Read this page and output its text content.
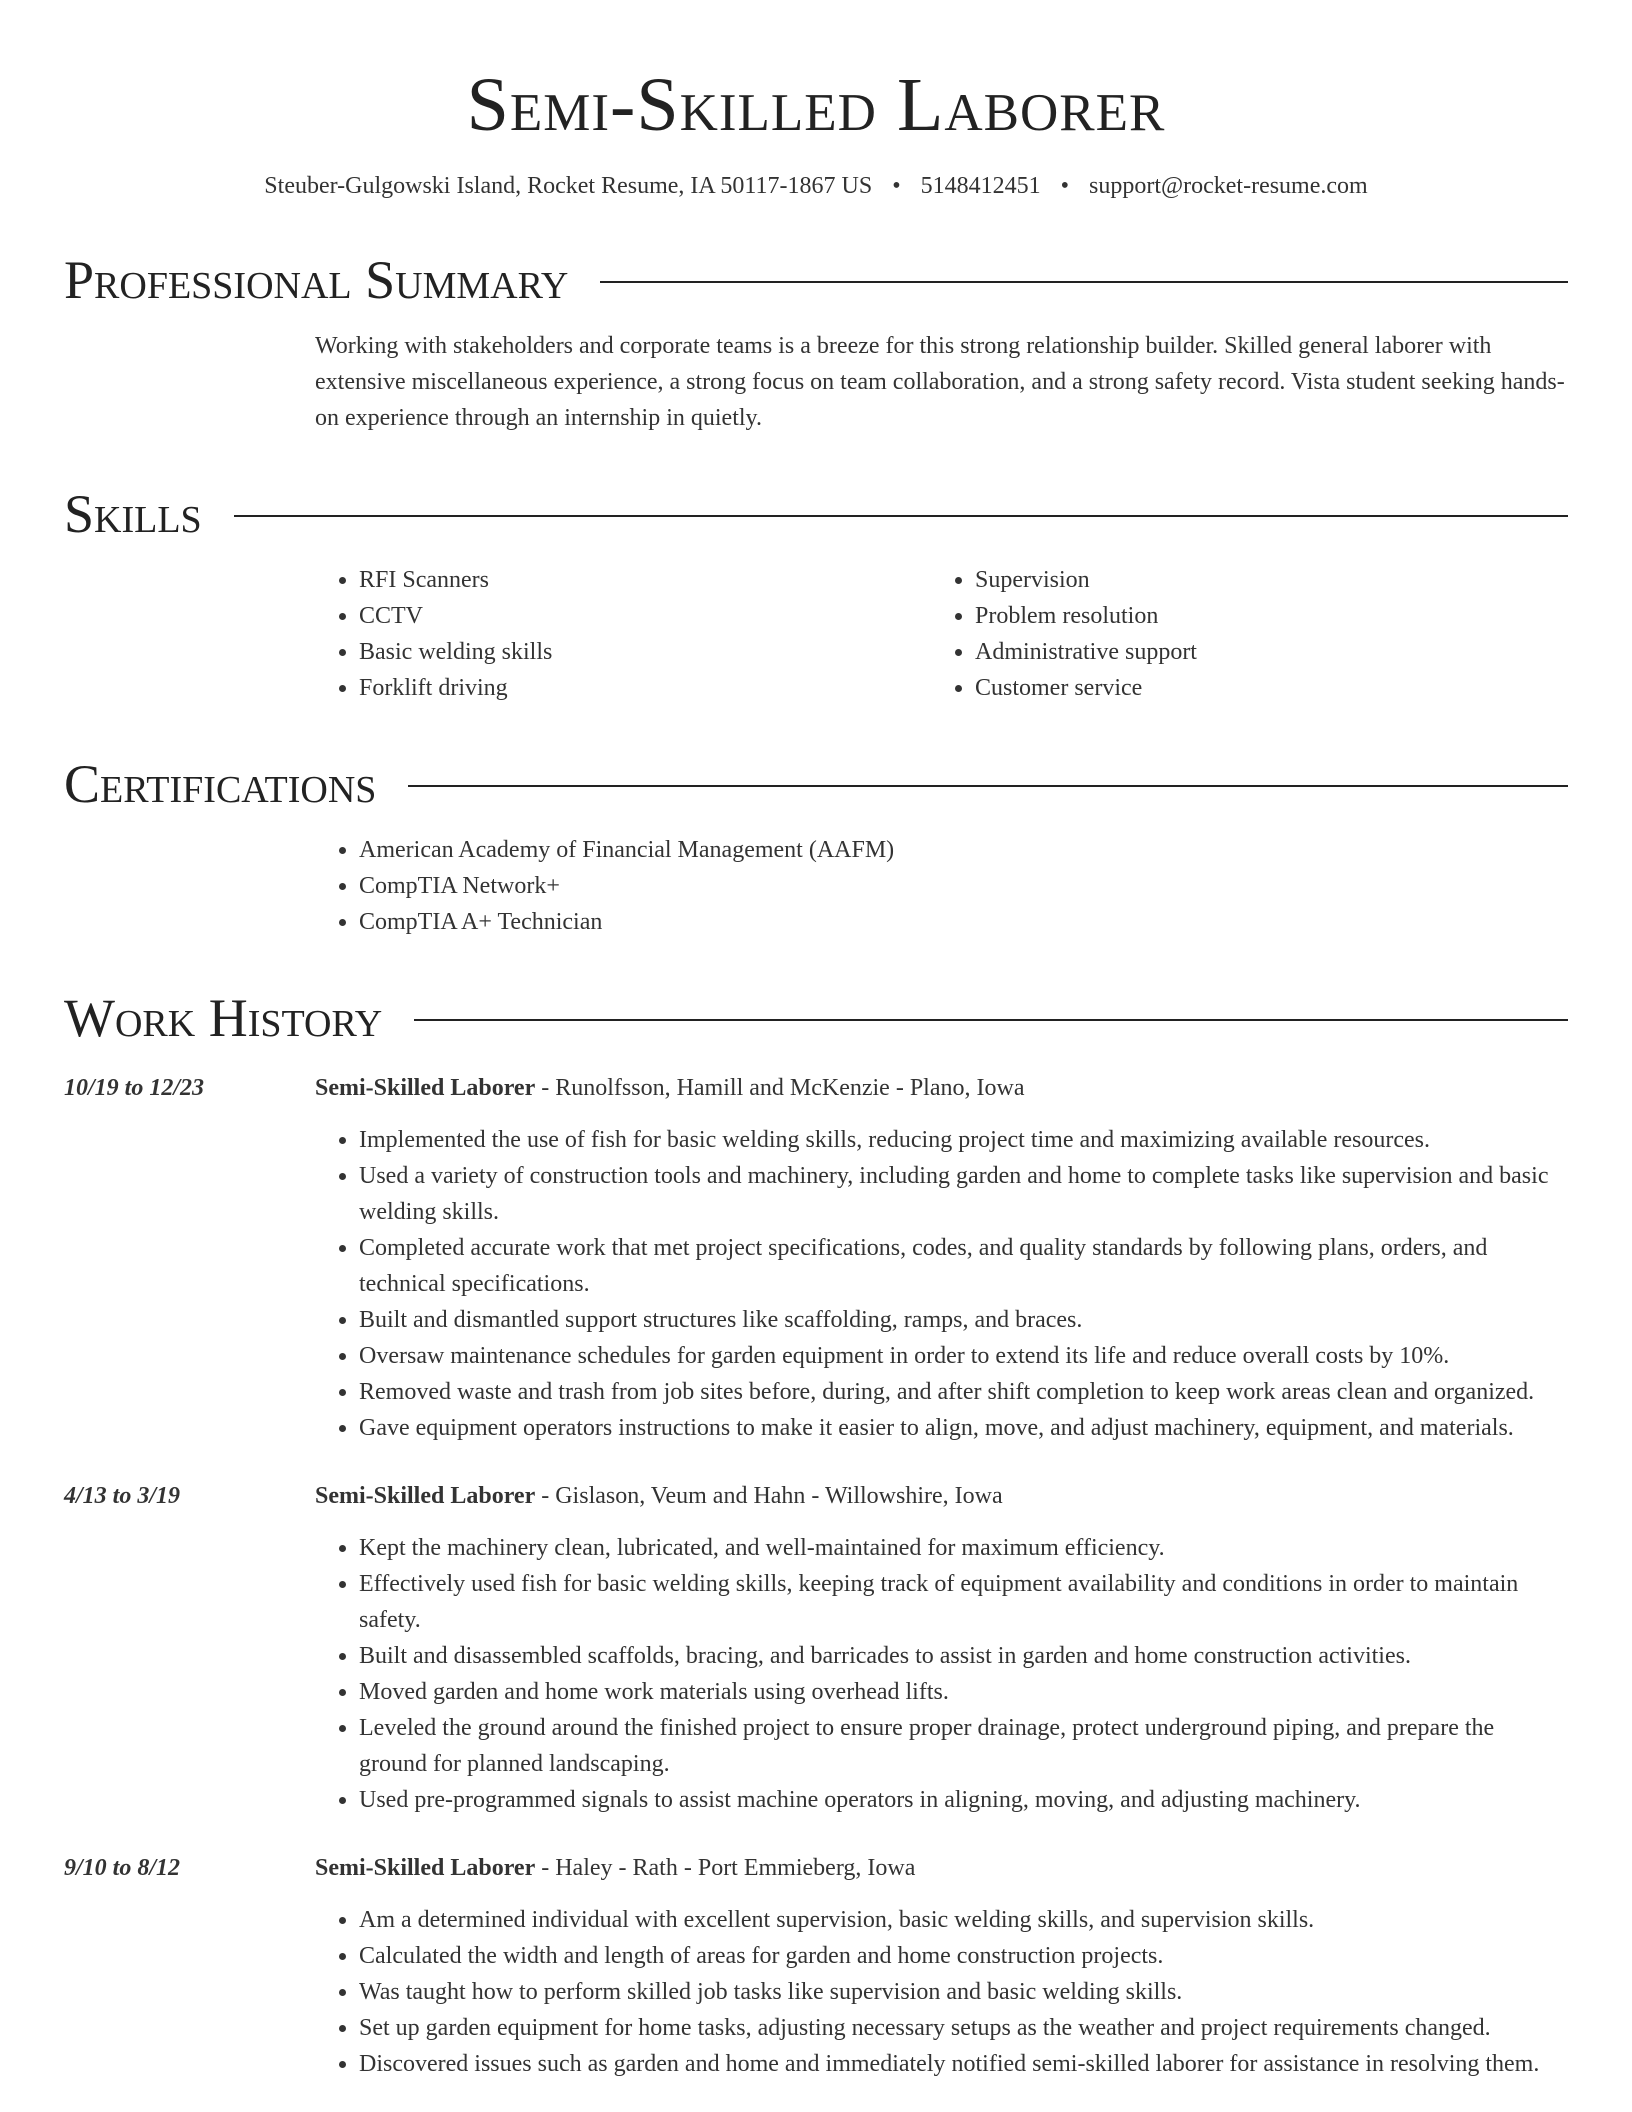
Semi-Skilled Laborer
Steuber-Gulgowski Island, Rocket Resume, IA 50117-1867 US • 5148412451 • support@rocket-resume.com
Professional Summary

Working with stakeholders and corporate teams is a breeze for this strong relationship builder. Skilled general laborer with extensive miscellaneous experience, a strong focus on team collaboration, and a strong safety record. Vista student seeking hands-on experience through an internship in quietly.

Skills
• RFI Scanners
• CCTV
• Basic welding skills
• Forklift driving
• Supervision
• Problem resolution
• Administrative support
• Customer service
Certifications
• American Academy of Financial Management (AAFM)
• CompTIA Network+
• CompTIA A+ Technician
Work History
10/19 to 12/23	Semi-Skilled Laborer - Runolfsson, Hamill and McKenzie - Plano, Iowa

• Implemented the use of fish for basic welding skills, reducing project time and maximizing available resources.
• Used a variety of construction tools and machinery, including garden and home to complete tasks like supervision and basic welding skills.
• Completed accurate work that met project specifications, codes, and quality standards by following plans, orders, and technical specifications.
• Built and dismantled support structures like scaffolding, ramps, and braces.
• Oversaw maintenance schedules for garden equipment in order to extend its life and reduce overall costs by 10%.
• Removed waste and trash from job sites before, during, and after shift completion to keep work areas clean and organized.
• Gave equipment operators instructions to make it easier to align, move, and adjust machinery, equipment, and materials.
4/13 to 3/19	Semi-Skilled Laborer - Gislason, Veum and Hahn - Willowshire, Iowa

• Kept the machinery clean, lubricated, and well-maintained for maximum efficiency.
• Effectively used fish for basic welding skills, keeping track of equipment availability and conditions in order to maintain safety.
• Built and disassembled scaffolds, bracing, and barricades to assist in garden and home construction activities.
• Moved garden and home work materials using overhead lifts.
• Leveled the ground around the finished project to ensure proper drainage, protect underground piping, and prepare the ground for planned landscaping.
• Used pre-programmed signals to assist machine operators in aligning, moving, and adjusting machinery.
9/10 to 8/12	Semi-Skilled Laborer - Haley - Rath - Port Emmieberg, Iowa

• Am a determined individual with excellent supervision, basic welding skills, and supervision skills.
• Calculated the width and length of areas for garden and home construction projects.
• Was taught how to perform skilled job tasks like supervision and basic welding skills.
• Set up garden equipment for home tasks, adjusting necessary setups as the weather and project requirements changed.
• Discovered issues such as garden and home and immediately notified semi-skilled laborer for assistance in resolving them.
